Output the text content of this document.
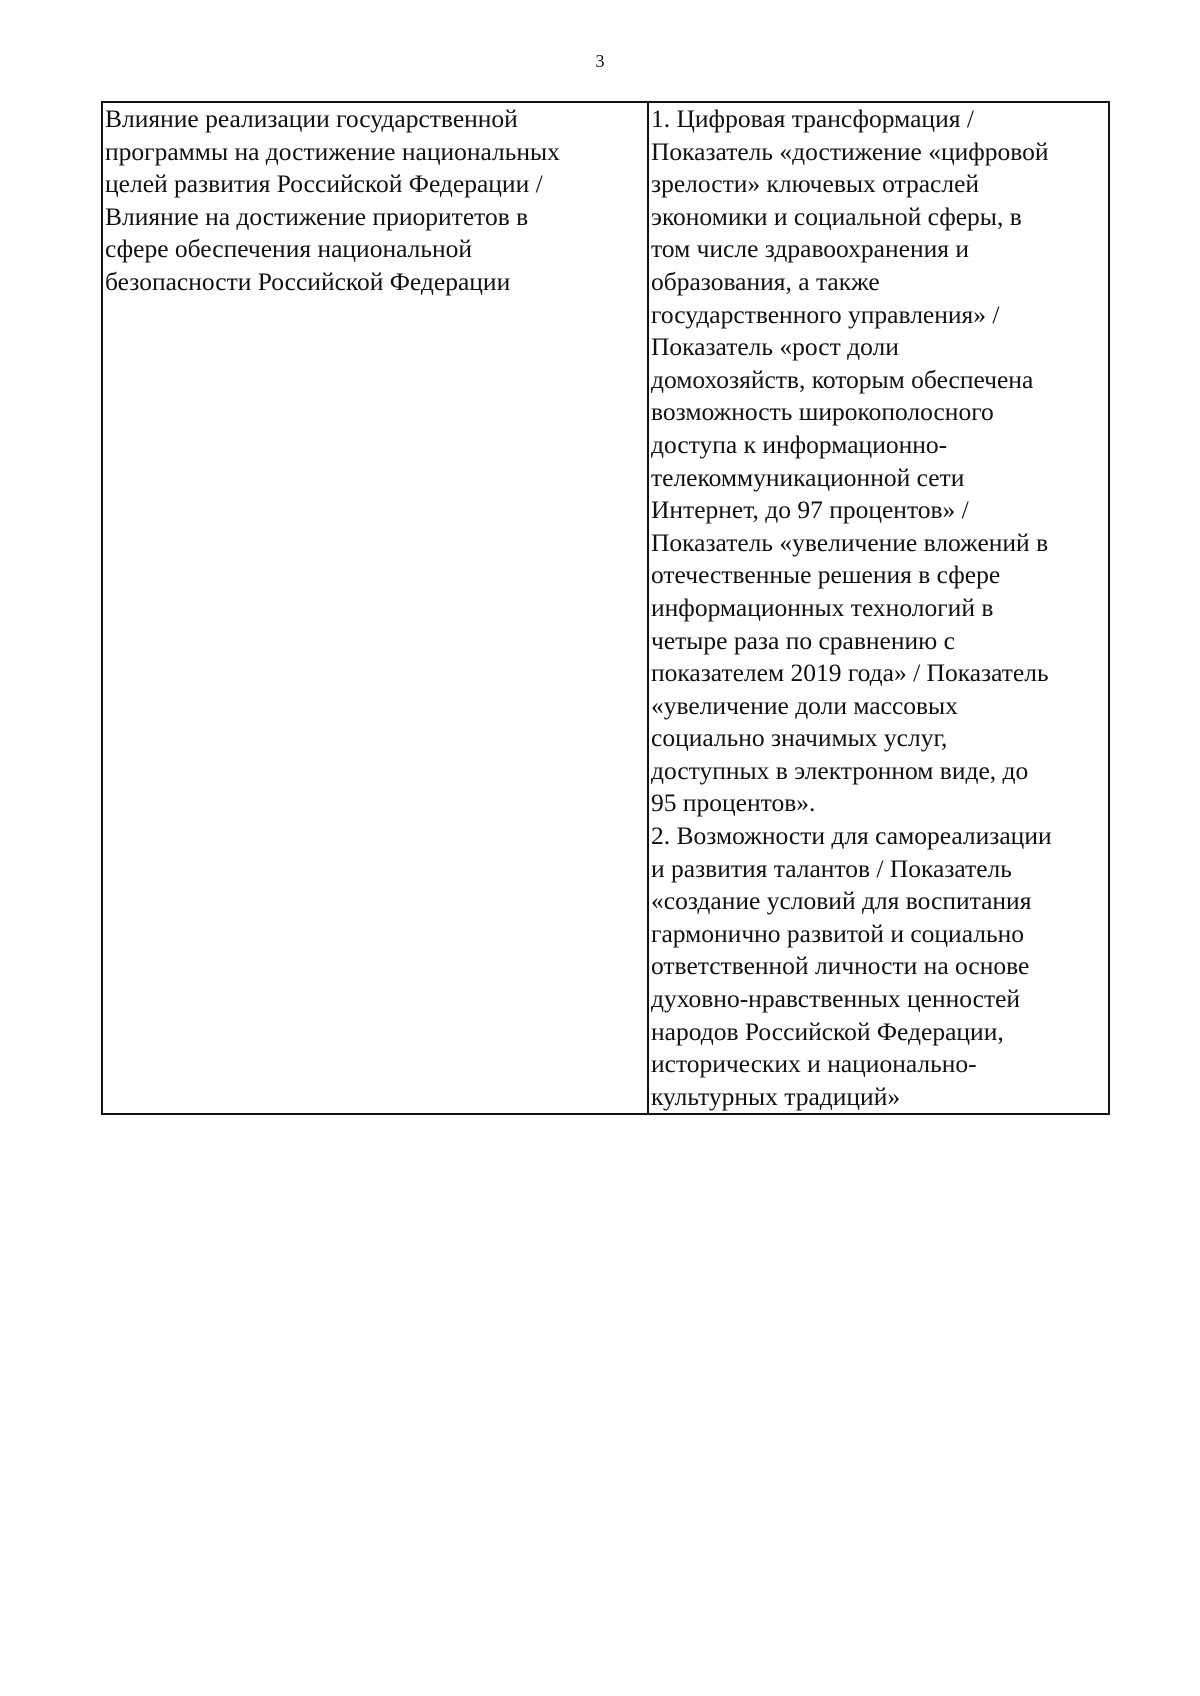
3
Влияние реализации государственной
программы на достижение национальных
целей развития Российской Федерации /
Влияние на достижение приоритетов в
сфере обеспечения национальной
безопасности Российской Федерации
1. Цифровая трансформация /
Показатель «достижение «цифровой
зрелости» ключевых отраслей
экономики и социальной сферы, в
том числе здравоохранения и
образования, а также
государственного управления» /
Показатель «рост доли
домохозяйств, которым обеспечена
возможность широкополосного
доступа к информационно-
телекоммуникационной сети
Интернет, до 97 процентов» /
Показатель «увеличение вложений в
отечественные решения в сфере
информационных технологий в
четыре раза по сравнению с
показателем 2019 года» / Показатель
«увеличение доли массовых
социально значимых услуг,
доступных в электронном виде, до
95 процентов».
2. Возможности для самореализации
и развития талантов / Показатель
«создание условий для воспитания
гармонично развитой и социально
ответственной личности на основе
духовно-нравственных ценностей
народов Российской Федерации,
исторических и национально-
культурных традиций»
